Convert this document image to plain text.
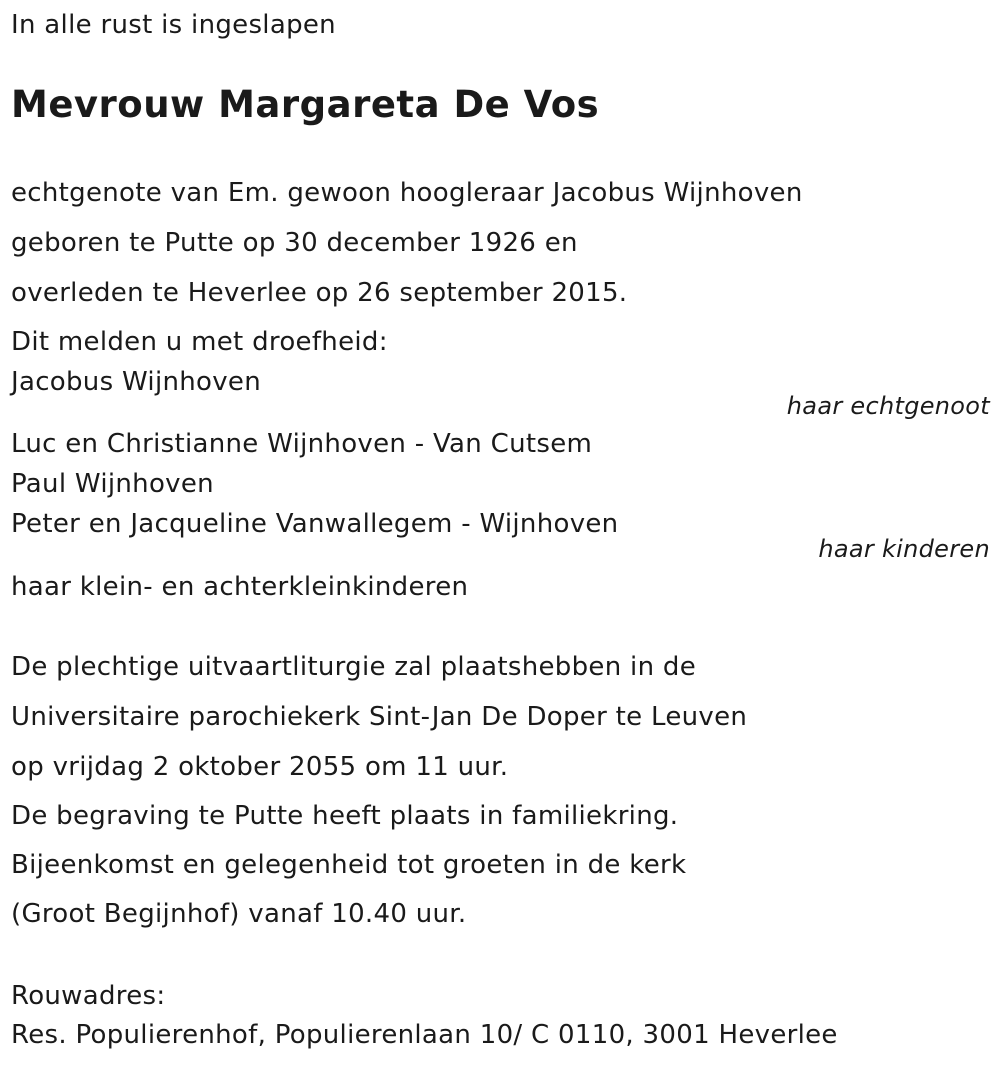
In alle rust is ingeslapen
Mevrouw Margareta De Vos
echtgenote van Em. gewoon hoogleraar Jacobus Wijnhoven
geboren te Putte op 30 december 1926 en
overleden te Heverlee op 26 september 2015.
Dit melden u met droefheid:
Jacobus Wijnhoven
haar echtgenoot
Luc en Christianne Wijnhoven - Van Cutsem
Paul Wijnhoven
Peter en Jacqueline Vanwallegem - Wijnhoven
haar kinderen
haar klein- en achterkleinkinderen
De plechtige uitvaartliturgie zal plaatshebben in de
Universitaire parochiekerk Sint-Jan De Doper te Leuven
op vrijdag 2 oktober 2055 om 11 uur.
De begraving te Putte heeft plaats in familiekring.
Bijeenkomst en gelegenheid tot groeten in de kerk
(Groot Begijnhof) vanaf 10.40 uur.
Rouwadres:
Res. Populierenhof, Populierenlaan 10/ C 0110, 3001 Heverlee
